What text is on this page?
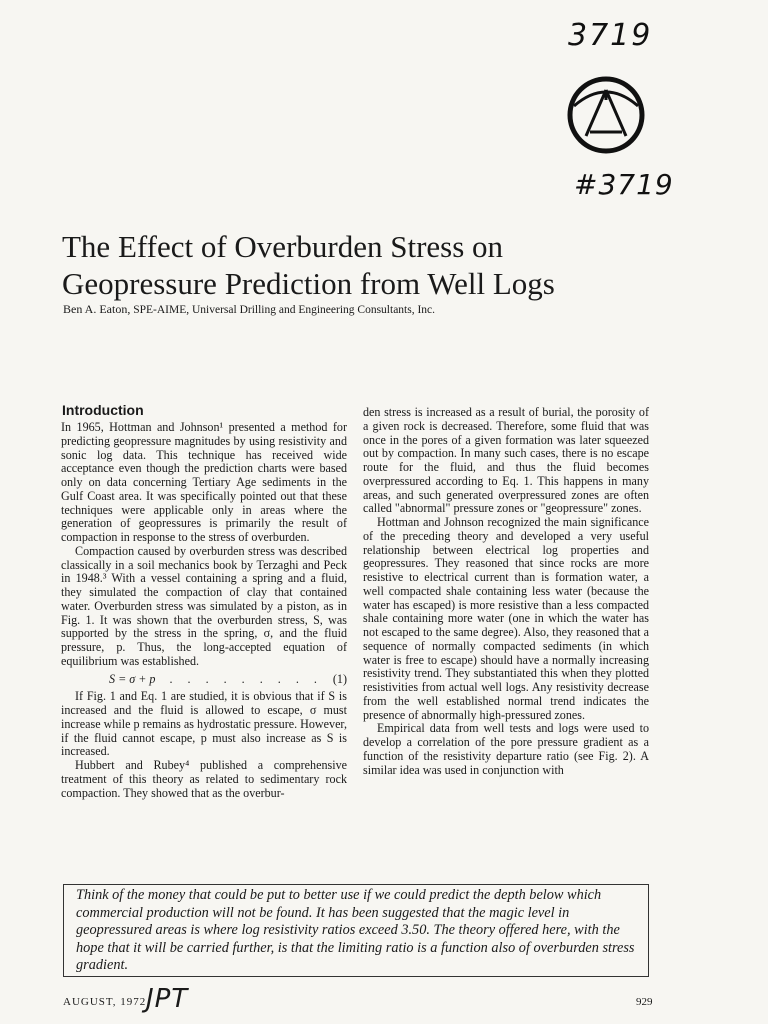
3719
#3719
The Effect of Overburden Stress on
Geopressure Prediction from Well Logs
Ben A. Eaton, SPE-AIME, Universal Drilling and Engineering Consultants, Inc.
Introduction

In 1965, Hottman and Johnson¹ presented a method for predicting geopressure magnitudes by using resistivity and sonic log data. This technique has received wide acceptance even though the prediction charts were based only on data concerning Tertiary Age sediments in the Gulf Coast area. It was specifically pointed out that these techniques were applicable only in areas where the generation of geopressures is primarily the result of compaction in response to the stress of overburden.

Compaction caused by overburden stress was described classically in a soil mechanics book by Terzaghi and Peck in 1948.³ With a vessel containing a spring and a fluid, they simulated the compaction of clay that contained water. Overburden stress was simulated by a piston, as in Fig. 1. It was shown that the overburden stress, S, was supported by the stress in the spring, σ, and the fluid pressure, p. Thus, the long-accepted equation of equilibrium was established.

S = σ + p	. . . . . . . . . (1)

If Fig. 1 and Eq. 1 are studied, it is obvious that if S is increased and the fluid is allowed to escape, σ must increase while p remains as hydrostatic pressure. However, if the fluid cannot escape, p must also increase as S is increased.

Hubbert and Rubey⁴ published a comprehensive treatment of this theory as related to sedimentary rock compaction. They showed that as the overbur-

den stress is increased as a result of burial, the porosity of a given rock is decreased. Therefore, some fluid that was once in the pores of a given formation was later squeezed out by compaction. In many such cases, there is no escape route for the fluid, and thus the fluid becomes overpressured according to Eq. 1. This happens in many areas, and such generated overpressured zones are often called "abnormal" pressure zones or "geopressure" zones.

Hottman and Johnson recognized the main significance of the preceding theory and developed a very useful relationship between electrical log properties and geopressures. They reasoned that since rocks are more resistive to electrical current than is formation water, a well compacted shale containing less water (because the water has escaped) is more resistive than a less compacted shale containing more water (one in which the water has not escaped to the same degree). Also, they reasoned that a sequence of normally compacted sediments (in which water is free to escape) should have a normally increasing resistivity trend. They substantiated this when they plotted resistivities from actual well logs. Any resistivity decrease from the well established normal trend indicates the presence of abnormally high-pressured zones.

Empirical data from well tests and logs were used to develop a correlation of the pore pressure gradient as a function of the resistivity departure ratio (see Fig. 2). A similar idea was used in conjunction with

Think of the money that could be put to better use if we could predict the depth below which commercial production will not be found. It has been suggested that the magic level in geopressured areas is where log resistivity ratios exceed 3.50. The theory offered here, with the hope that it will be carried further, is that the limiting ratio is a function also of overburden stress gradient.

AUGUST, 1972 JPT	929
